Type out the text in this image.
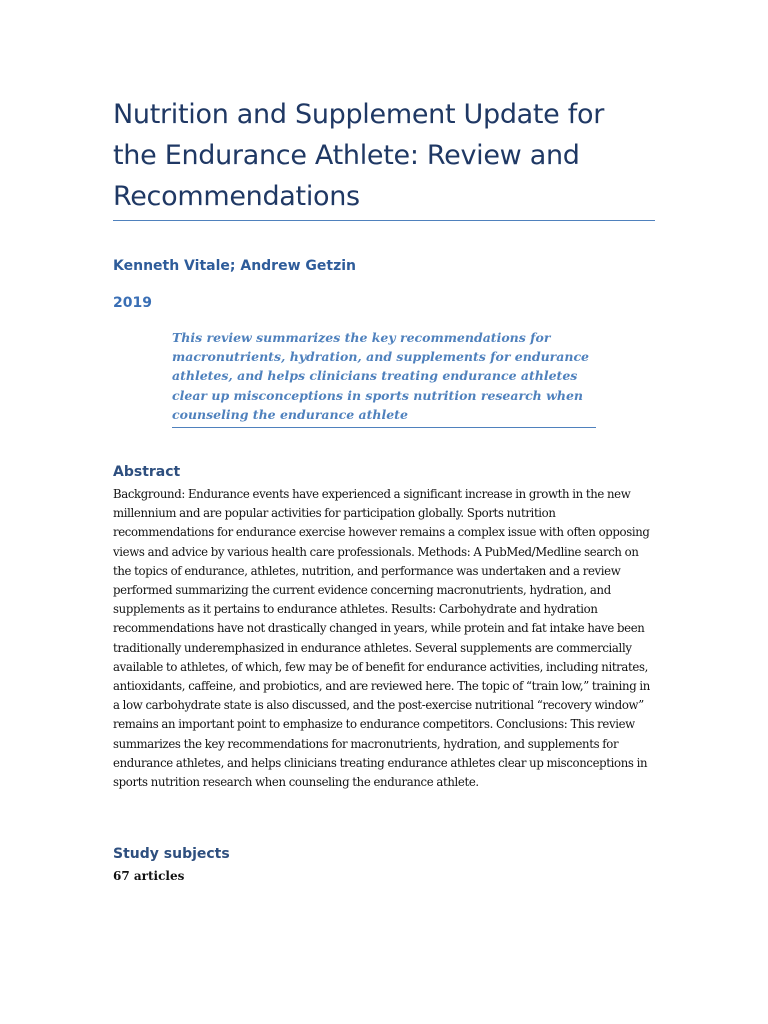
Nutrition and Supplement Update for the Endurance Athlete: Review and Recommendations
Kenneth Vitale; Andrew Getzin
2019
This review summarizes the key recommendations for macronutrients, hydration, and supplements for endurance athletes, and helps clinicians treating endurance athletes clear up misconceptions in sports nutrition research when counseling the endurance athlete
Abstract

Background: Endurance events have experienced a significant increase in growth in the new millennium and are popular activities for participation globally. Sports nutrition recommendations for endurance exercise however remains a complex issue with often opposing views and advice by various health care professionals. Methods: A PubMed/Medline search on the topics of endurance, athletes, nutrition, and performance was undertaken and a review performed summarizing the current evidence concerning macronutrients, hydration, and supplements as it pertains to endurance athletes. Results: Carbohydrate and hydration recommendations have not drastically changed in years, while protein and fat intake have been traditionally underemphasized in endurance athletes. Several supplements are commercially available to athletes, of which, few may be of benefit for endurance activities, including nitrates, antioxidants, caffeine, and probiotics, and are reviewed here. The topic of “train low,” training in a low carbohydrate state is also discussed, and the post-exercise nutritional “recovery window” remains an important point to emphasize to endurance competitors. Conclusions: This review summarizes the key recommendations for macronutrients, hydration, and supplements for endurance athletes, and helps clinicians treating endurance athletes clear up misconceptions in sports nutrition research when counseling the endurance athlete.

Study subjects
67 articles
